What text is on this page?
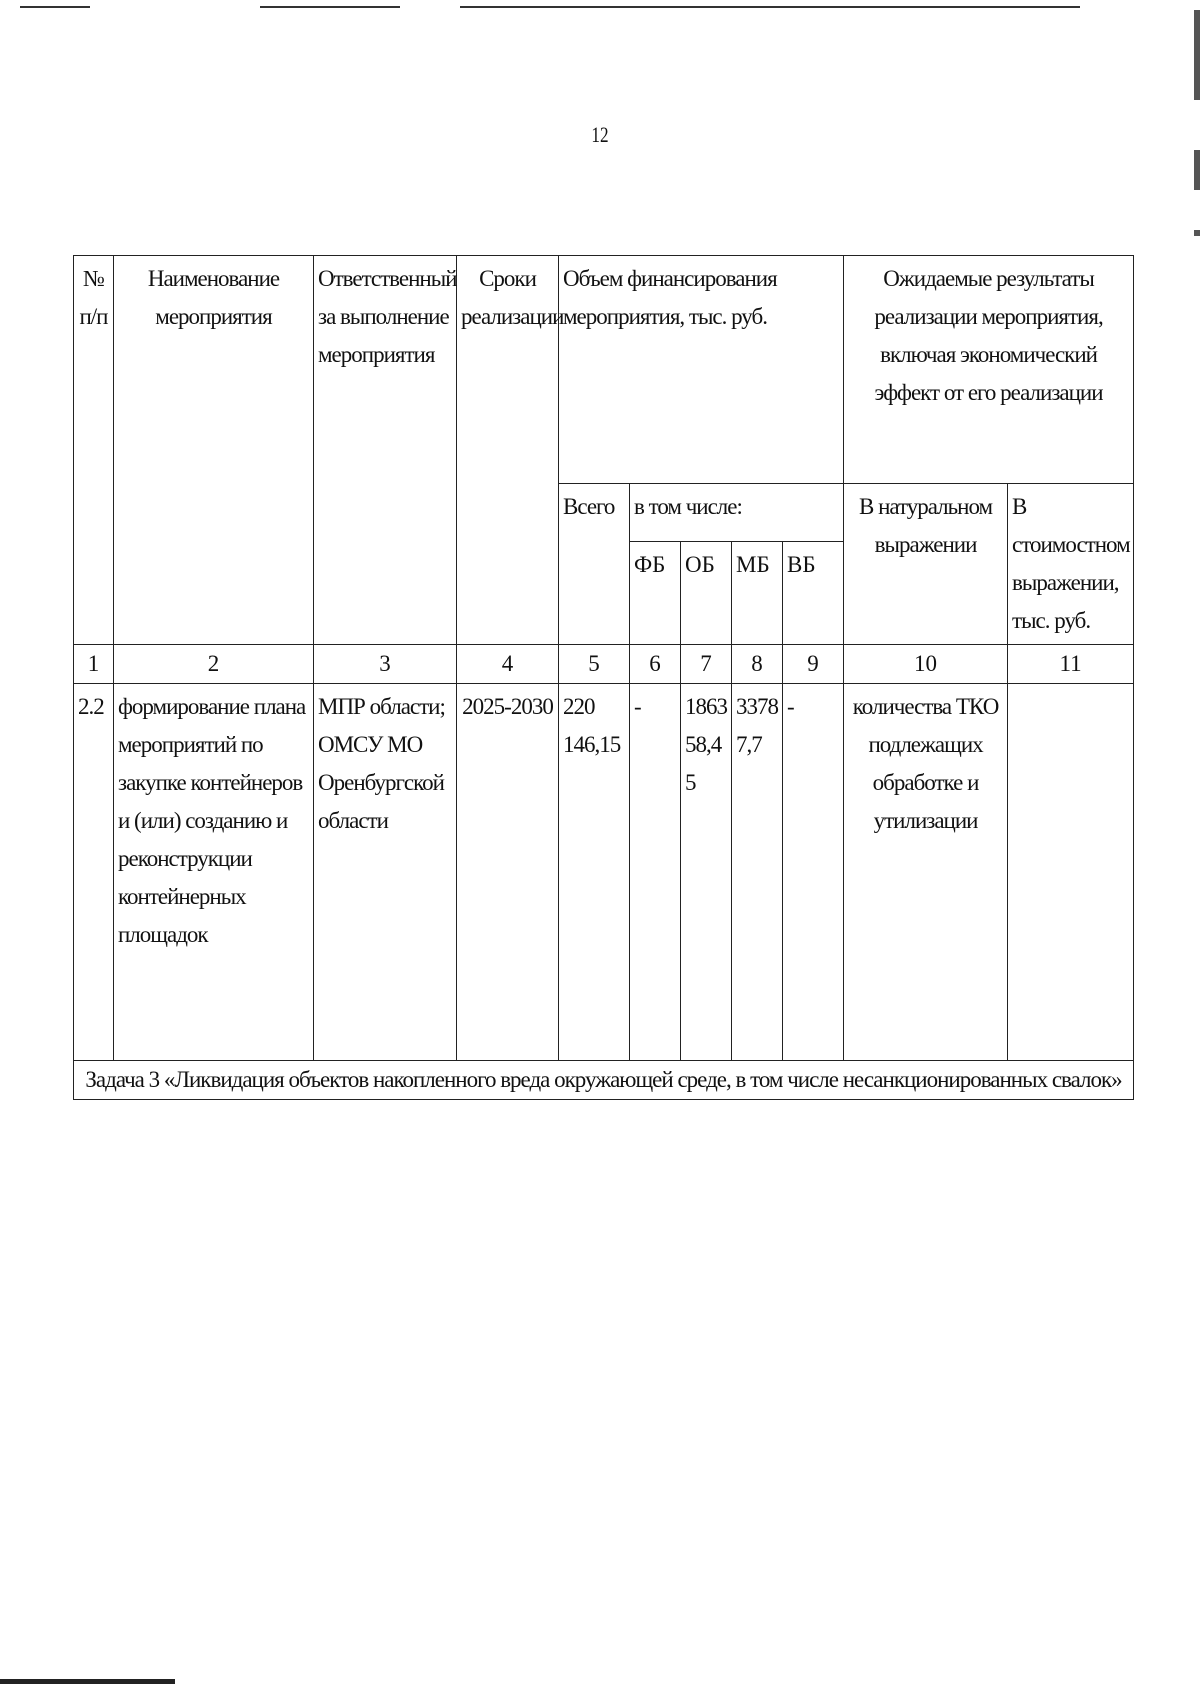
12
№ п/п	Наименование мероприятия	Ответственный за выполнение мероприятия	Сроки реализации	Объем финансирования мероприятия, тыс. руб.					Ожидаемые результаты реализации мероприятия, включая экономический эффект от его реализации	

				Всего	в том числе:				В натуральном выражении	В стоимостном выражении, тыс. руб.

					ФБ	ОБ	МБ	ВБ		

1	2	3	4	5	6	7	8	9	10	11

2.2	формирование плана мероприятий по закупке контейнеров и (или) созданию и реконструкции контейнерных площадок	МПР области; ОМСУ МО Оренбургской области	2025-2030	220 146,15	-	186358,45	33787,7	-	количества ТКО подлежащих обработке и утилизации	

Задача 3 «Ликвидация объектов накопленного вреда окружающей среде, в том числе несанкционированных свалок»										
